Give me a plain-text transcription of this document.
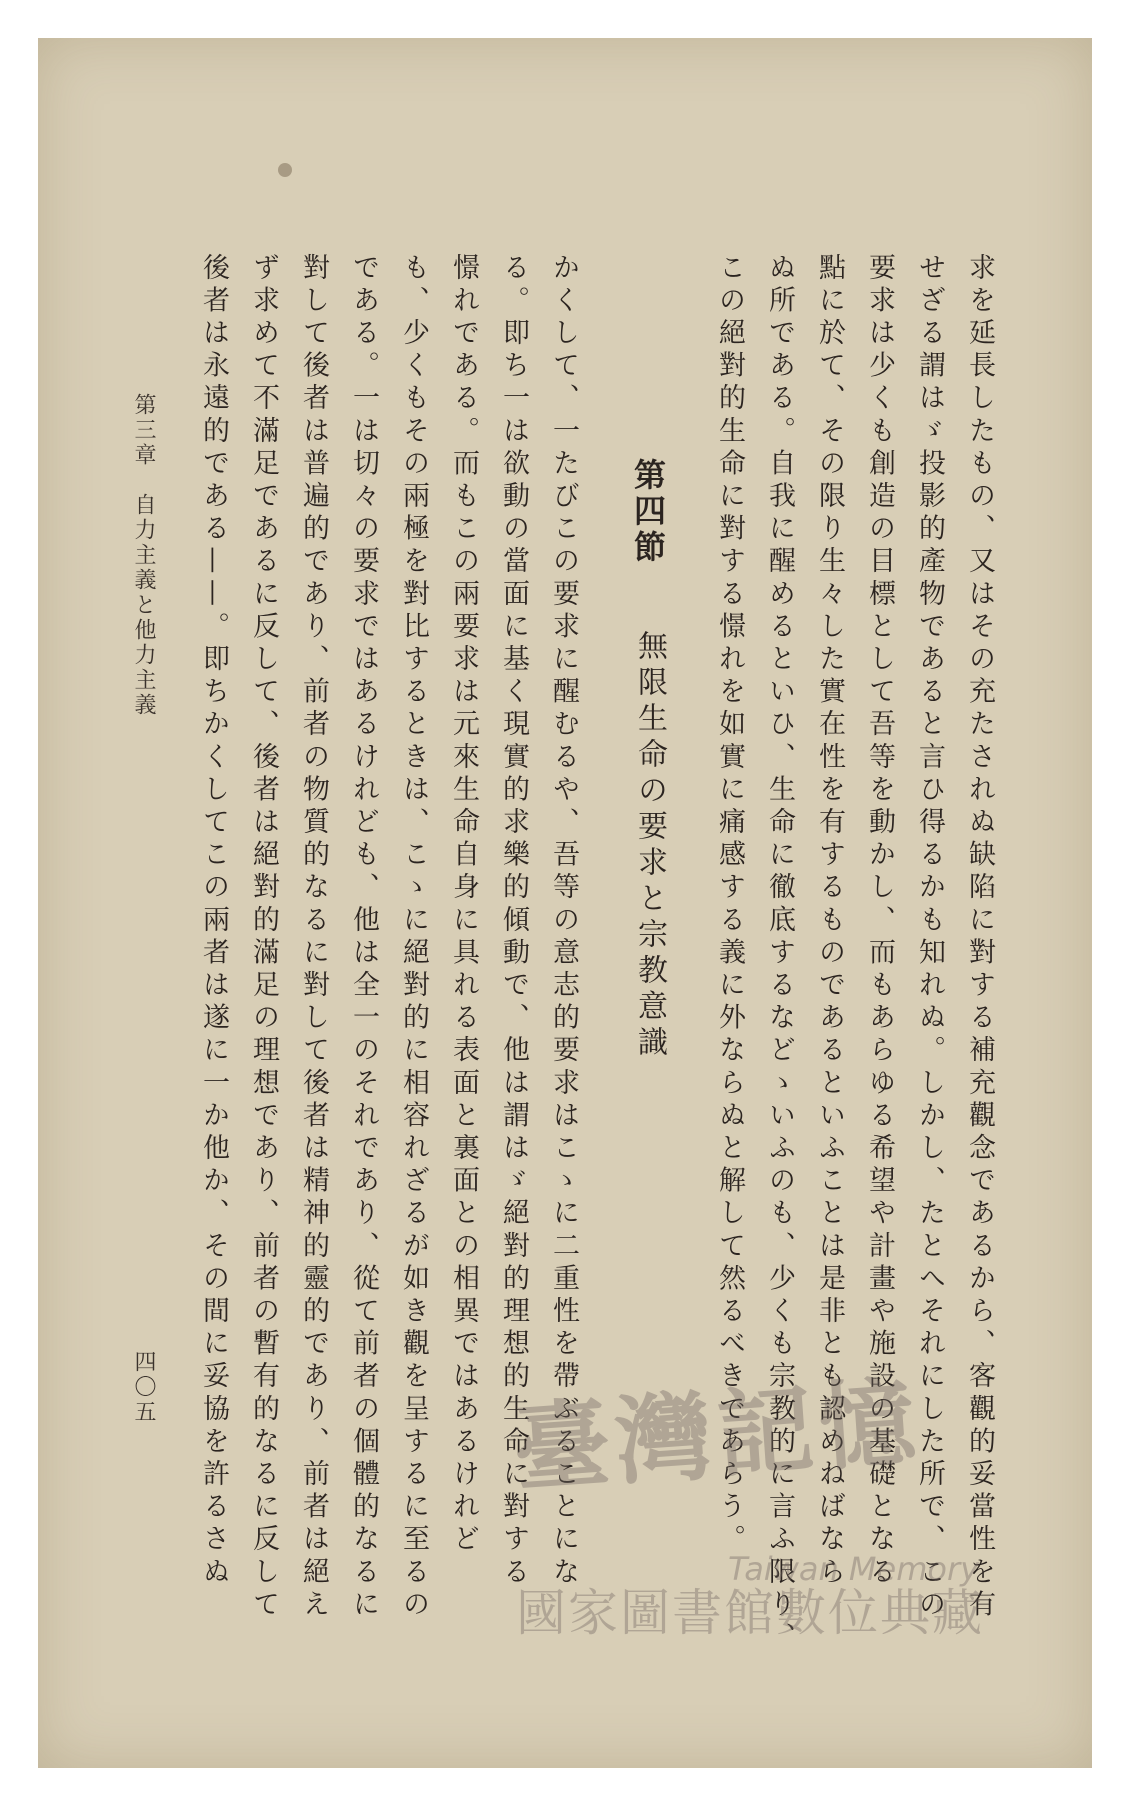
求を延長したもの、又はその充たされぬ缺陷に對する補充觀念であるから、客觀的妥當性を有
せざる謂はゞ投影的產物であると言ひ得るかも知れぬ。しかし、たとへそれにした所で、この
要求は少くも創造の目標として吾等を動かし、而もあらゆる希望や計畫や施設の基礎となる
點に於て、その限り生々した實在性を有するものであるといふことは是非とも認めねばなら
ぬ所である。自我に醒めるといひ、生命に徹底するなどゝいふのも、少くも宗教的に言ふ限り、
この絕對的生命に對する憬れを如實に痛感する義に外ならぬと解して然るべきであらう。
第四節
無限生命の要求と宗教意識
かくして、一たびこの要求に醒むるや、吾等の意志的要求はこゝに二重性を帶ぶることにな
る。即ち一は欲動の當面に基く現實的求樂的傾動で、他は謂はゞ絕對的理想的生命に對する
憬れである。而もこの兩要求は元來生命自身に具れる表面と裏面との相異ではあるけれど
も、少くもその兩極を對比するときは、こゝに絕對的に相容れざるが如き觀を呈するに至るの
である。一は切々の要求ではあるけれども、他は全一のそれであり、從て前者の個體的なるに
對して後者は普遍的であり、前者の物質的なるに對して後者は精神的靈的であり、前者は絕え
ず求めて不滿足であるに反して、後者は絕對的滿足の理想であり、前者の暫有的なるに反して
後者は永遠的である——。即ちかくしてこの兩者は遂に一か他か、その間に妥協を許るさぬ
第三章　自力主義と他力主義
四〇五	臺灣記憶
Taiwan Memory
國家圖書館數位典藏
